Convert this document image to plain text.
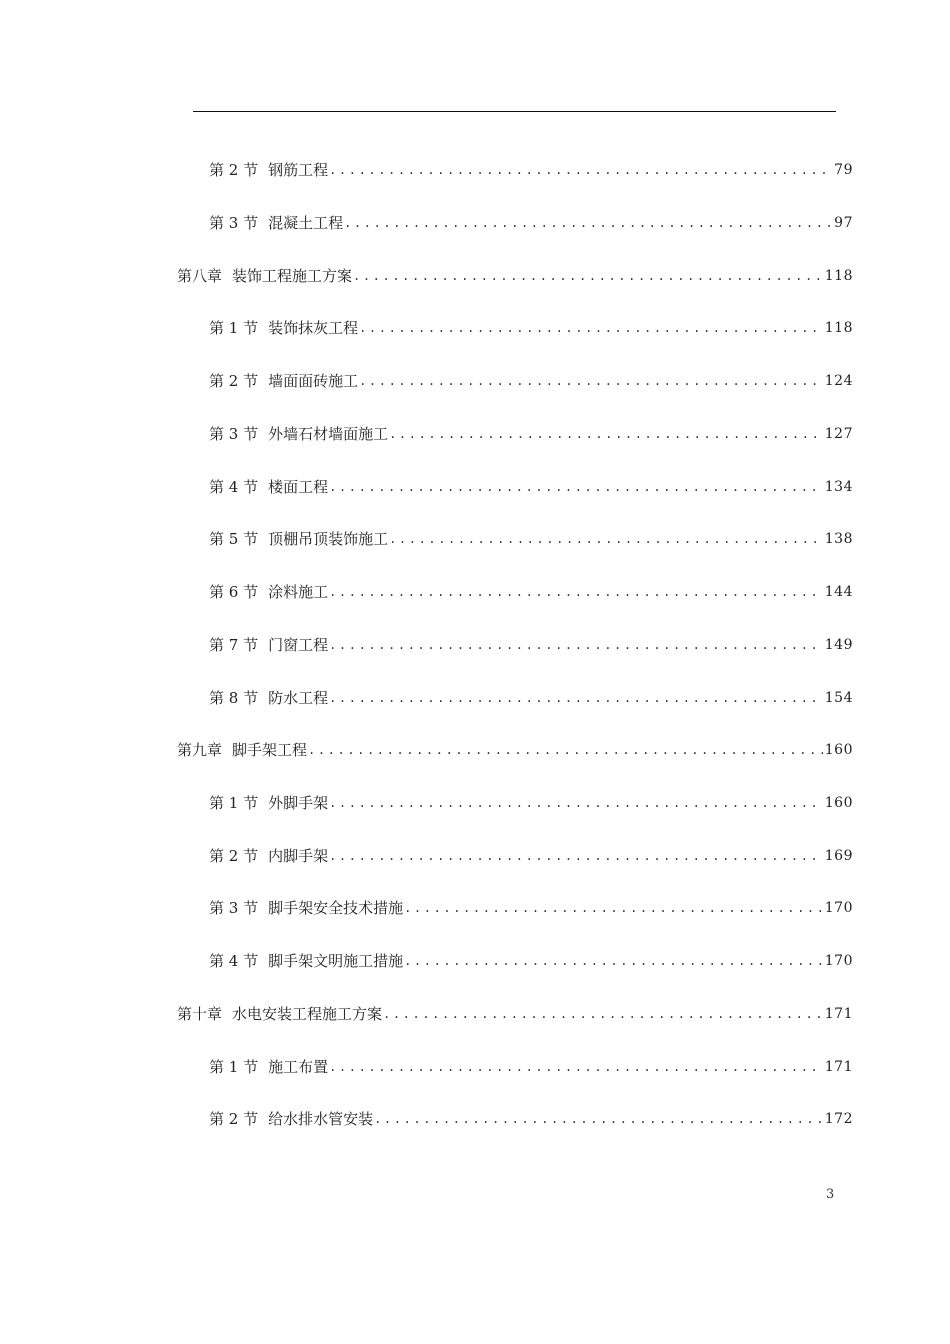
第 2 节 钢筋工程 .....	79
第 3 节 混凝土工程 .....	97
第八章 装饰工程施工方案 .....	118
第 1 节 装饰抹灰工程 .....	118
第 2 节 墙面面砖施工 .....	124
第 3 节 外墙石材墙面施工 .....	127
第 4 节 楼面工程 .....	134
第 5 节 顶棚吊顶装饰施工 .....	138
第 6 节 涂料施工 .....	144
第 7 节 门窗工程 .....	149
第 8 节 防水工程 .....	154
第九章 脚手架工程 .....	160
第 1 节 外脚手架 .....	160
第 2 节 内脚手架 .....	169
第 3 节 脚手架安全技术措施 .....	170
第 4 节 脚手架文明施工措施 .....	170
第十章 水电安装工程施工方案 .....	171
第 1 节 施工布置 .....	171
第 2 节 给水排水管安装 .....	172
3
